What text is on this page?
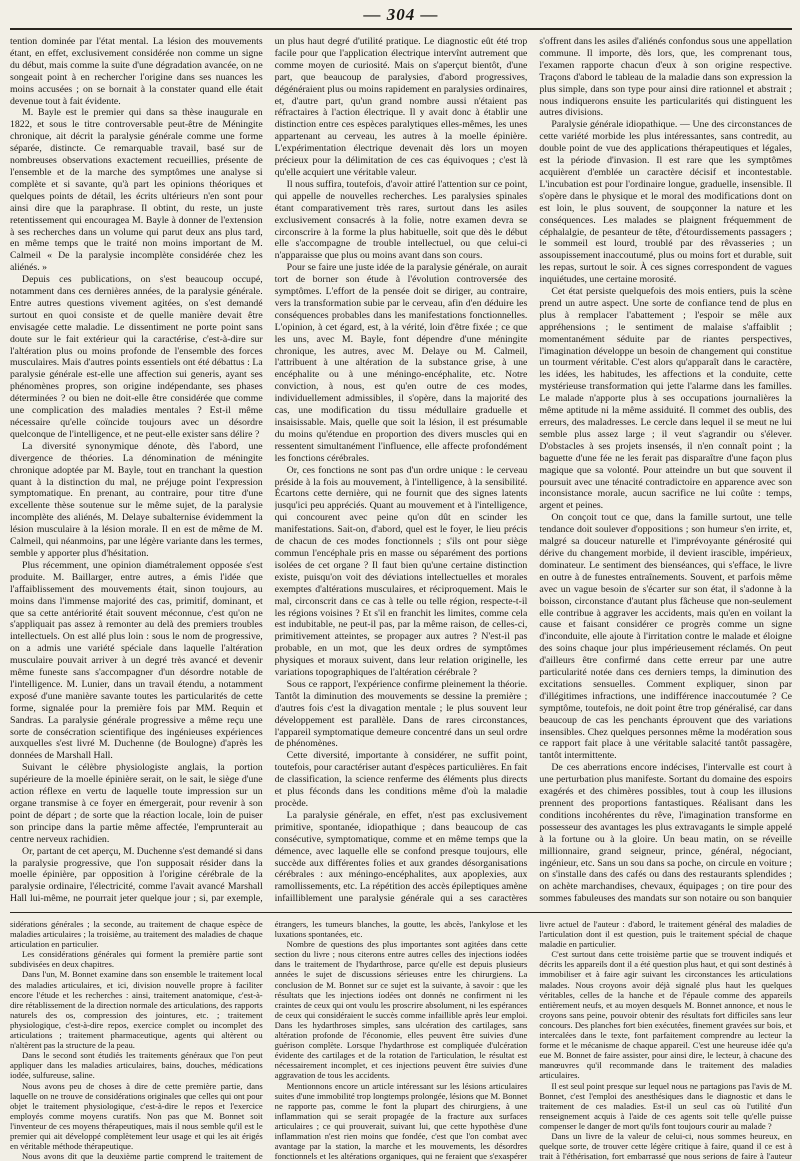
— 304 —

tention dominée par l'état mental. La lésion des mouvements étant, en effet, exclusivement considérée non comme un signe du début, mais comme la suite d'une dégradation avancée, on ne songeait point à en rechercher l'origine dans ses nuances les moins accusées ; on se bornait à la constater quand elle était devenue tout à fait évidente.

M. Bayle est le premier qui dans sa thèse inaugurale en 1822, et sous le titre controversable peut-être de Méningite chronique, ait décrit la paralysie générale comme une forme séparée, distincte. Ce remarquable travail, basé sur de nombreuses observations exactement recueillies, présente de l'ensemble et de la marche des symptômes une analyse si complète et si savante, qu'à part les opinions théoriques et quelques points de détail, les écrits ultérieurs n'en sont pour ainsi dire que la paraphrase. Il obtint, du reste, un juste retentissement qui encouragea M. Bayle à donner de l'extension à ses recherches dans un volume qui parut deux ans plus tard, en même temps que le traité non moins important de M. Calmeil « De la paralysie incomplète considérée chez les aliénés. »

Depuis ces publications, on s'est beaucoup occupé, notamment dans ces dernières années, de la paralysie générale. Entre autres questions vivement agitées, on s'est demandé surtout en quoi consiste et de quelle manière devait être envisagée cette maladie. Le dissentiment ne porte point sans doute sur le fait extérieur qui la caractérise, c'est-à-dire sur l'altération plus ou moins profonde de l'ensemble des forces musculaires. Mais d'autres points essentiels ont été débattus : La paralysie générale est-elle une affection sui generis, ayant ses phénomènes propres, son origine indépendante, ses phases déterminées ? ou bien ne doit-elle être considérée que comme une complication des maladies mentales ? Est-il même nécessaire qu'elle coïncide toujours avec un désordre quelconque de l'intelligence, et ne peut-elle exister sans délire ?

La diversité synonymique dénote, dès l'abord, une divergence de théories. La dénomination de méningite chronique adoptée par M. Bayle, tout en tranchant la question quant à la distinction du mal, ne préjuge point l'expression symptomatique. En prenant, au contraire, pour titre d'une excellente thèse soutenue sur le même sujet, de la paralysie incomplète des aliénés, M. Delaye subalternise évidemment la lésion musculaire à la lésion morale. Il en est de même de M. Calmeil, qui néanmoins, par une légère variante dans les termes, semble y apporter plus d'hésitation.

Plus récemment, une opinion diamétralement opposée s'est produite. M. Baillarger, entre autres, a émis l'idée que l'affaiblissement des mouvements était, sinon toujours, au moins dans l'immense majorité des cas, primitif, dominant, et que sa cette antériorité était souvent méconnue, c'est qu'on ne s'appliquait pas assez à remonter au delà des premiers troubles intellectuels. On est allé plus loin : sous le nom de progressive, on a admis une variété spéciale dans laquelle l'altération musculaire pouvait arriver à un degré très avancé et devenir même funeste sans s'accompagner d'un désordre notable de l'intelligence. M. Lunier, dans un travail étendu, a notamment exposé d'une manière savante toutes les particularités de cette forme, signalée pour la première fois par MM. Requin et Sandras. La paralysie générale progressive a même reçu une sorte de consécration scientifique des ingénieuses expériences auxquelles s'est livré M. Duchenne (de Boulogne) d'après les données de Marshall Hall.

Suivant le célèbre physiologiste anglais, la portion supérieure de la moelle épinière serait, on le sait, le siège d'une action réflexe en vertu de laquelle toute impression sur un organe transmise à ce foyer en émergerait, pour revenir à son point de départ ; de sorte que la réaction locale, loin de puiser son principe dans la partie même affectée, l'emprunterait au centre nerveux rachidien.

Or, partant de cet aperçu, M. Duchenne s'est demandé si dans la paralysie progressive, que l'on supposait résider dans la moelle épinière, par opposition à l'origine cérébrale de la paralysie ordinaire, l'électricité, comme l'avait avancé Marshall Hall lui-même, ne pourrait jeter quelque jour ; si, par exemple,

un plus haut degré d'utilité pratique. Le diagnostic eût été trop facile pour que l'application électrique intervînt autrement que comme moyen de curiosité. Mais on s'aperçut bientôt, d'une part, que beaucoup de paralysies, d'abord progressives, dégénéraient plus ou moins rapidement en paralysies ordinaires, et, d'autre part, qu'un grand nombre aussi n'étaient pas réfractaires à l'action électrique. Il y avait donc à établir une distinction entre ces espèces paralytiques elles-mêmes, les unes appartenant au cerveau, les autres à la moelle épinière. L'expérimentation électrique devenait dès lors un moyen précieux pour la délimitation de ces cas équivoques ; c'est là qu'elle acquiert une véritable valeur.

Il nous suffira, toutefois, d'avoir attiré l'attention sur ce point, qui appelle de nouvelles recherches. Les paralysies spinales étant comparativement très rares, surtout dans les asiles exclusivement consacrés à la folie, notre examen devra se circonscrire à la forme la plus habituelle, soit que dès le début elle s'accompagne de trouble intellectuel, ou que celui-ci n'apparaisse que plus ou moins avant dans son cours.

Pour se faire une juste idée de la paralysie générale, on aurait tort de borner son étude à l'évolution controversée des symptômes. L'effort de la pensée doit se diriger, au contraire, vers la transformation subie par le cerveau, afin d'en déduire les conséquences probables dans les manifestations fonctionnelles. L'opinion, à cet égard, est, à la vérité, loin d'être fixée ; ce que les uns, avec M. Bayle, font dépendre d'une méningite chronique, les autres, avec M. Delaye ou M. Calmeil, l'attribuent à une altération de la substance grise, à une encéphalite ou à une méningo-encéphalite, etc. Notre conviction, à nous, est qu'en outre de ces modes, individuellement admissibles, il s'opère, dans la majorité des cas, une modification du tissu médullaire graduelle et insaisissable. Mais, quelle que soit la lésion, il est présumable du moins qu'étendue en proportion des divers muscles qui en ressentent simultanément l'influence, elle affecte profondément les fonctions cérébrales.

Or, ces fonctions ne sont pas d'un ordre unique : le cerveau préside à la fois au mouvement, à l'intelligence, à la sensibilité. Écartons cette dernière, qui ne fournit que des signes latents jusqu'ici peu appréciés. Quant au mouvement et à l'intelligence, qui concourent avec peine qu'on dût en scinder les manifestations. Sait-on, d'abord, quel est le foyer, le lieu précis de chacun de ces modes fonctionnels ; s'ils ont pour siège commun l'encéphale pris en masse ou séparément des portions isolées de cet organe ? Il faut bien qu'une certaine distinction existe, puisqu'on voit des déviations intellectuelles et morales exemptes d'altérations musculaires, et réciproquement. Mais le mal, circonscrit dans ce cas à telle ou telle région, respecte-t-il les régions voisines ? Et s'il en franchit les limites, comme cela est indubitable, ne peut-il pas, par la même raison, de celles-ci, primitivement atteintes, se propager aux autres ? N'est-il pas probable, en un mot, que les deux ordres de symptômes physiques et moraux suivent, dans leur relation originelle, les variations topographiques de l'altération cérébrale ?

Sous ce rapport, l'expérience confirme pleinement la théorie. Tantôt la diminution des mouvements se dessine la première ; d'autres fois c'est la divagation mentale ; le plus souvent leur développement est parallèle. Dans de rares circonstances, l'appareil symptomatique demeure concentré dans un seul ordre de phénomènes.

Cette diversité, importante à considérer, ne suffit point, toutefois, pour caractériser autant d'espèces particulières. En fait de classification, la science renferme des éléments plus directs et plus féconds dans les conditions même d'où la maladie procède.

La paralysie générale, en effet, n'est pas exclusivement primitive, spontanée, idiopathique ; dans beaucoup de cas consécutive, symptomatique, comme et en même temps que la démence, avec laquelle elle se confond presque toujours, elle succède aux différentes folies et aux grandes désorganisations cérébrales : aux méningo-encéphalites, aux apoplexies, aux ramollissements, etc. La répétition des accès épileptiques amène infailliblement une paralysie générale qui a ses caractères

s'offrent dans les asiles d'aliénés confondus sous une appellation commune. Il importe, dès lors, que, les comprenant tous, l'examen rapporte chacun d'eux à son origine respective. Traçons d'abord le tableau de la maladie dans son expression la plus simple, dans son type pour ainsi dire rationnel et abstrait ; nous indiquerons ensuite les particularités qui distinguent les autres divisions.

Paralysie générale idiopathique. — Une des circonstances de cette variété morbide les plus intéressantes, sans contredit, au double point de vue des applications thérapeutiques et légales, est la période d'invasion. Il est rare que les symptômes acquièrent d'emblée un caractère décisif et incontestable. L'incubation est pour l'ordinaire longue, graduelle, insensible. Il s'opère dans le physique et le moral des modifications dont on est loin, le plus souvent, de soupçonner la nature et les conséquences. Les malades se plaignent fréquemment de céphalalgie, de pesanteur de tête, d'étourdissements passagers ; le sommeil est lourd, troublé par des rêvasseries ; un assoupissement inaccoutumé, plus ou moins fort et durable, suit les repas, surtout le soir. À ces signes correspondent de vagues inquiétudes, une certaine morosité.

Cet état persiste quelquefois des mois entiers, puis la scène prend un autre aspect. Une sorte de confiance tend de plus en plus à remplacer l'abattement ; l'espoir se mêle aux appréhensions ; le sentiment de malaise s'affaiblit ; momentanément séduite par de riantes perspectives, l'imagination développe un besoin de changement qui constitue un tourment véritable. C'est alors qu'apparaît dans le caractère, les idées, les habitudes, les affections et la conduite, cette mystérieuse transformation qui jette l'alarme dans les familles. Le malade n'apporte plus à ses occupations journalières la même aptitude ni la même assiduité. Il commet des oublis, des erreurs, des maladresses. Le cercle dans lequel il se meut ne lui semble plus assez large ; il veut s'agrandir ou s'élever. D'obstacles à ses projets insensés, il n'en connaît point ; la baguette d'une fée ne les ferait pas disparaître d'une façon plus magique que sa volonté. Pour atteindre un but que souvent il poursuit avec une ténacité contradictoire en apparence avec son inconsistance morale, aucun sacrifice ne lui coûte : temps, argent et peines.

On conçoit tout ce que, dans la famille surtout, une telle tendance doit soulever d'oppositions ; son humeur s'en irrite, et, malgré sa douceur naturelle et l'imprévoyante générosité qui dérive du changement morbide, il devient irascible, impérieux, dominateur. Le sentiment des bienséances, qui s'efface, le livre en outre à de funestes entraînements. Souvent, et parfois même avec un vague besoin de s'écarter sur son état, il s'adonne à la boisson, circonstance d'autant plus fâcheuse que non-seulement elle contribue à aggraver les accidents, mais qu'en en voilant la cause et faisant considérer ce progrès comme un signe d'inconduite, elle ajoute à l'irritation contre le malade et éloigne des soins chaque jour plus impérieusement réclamés. On peut d'ailleurs être confirmé dans cette erreur par une autre particularité notée dans ces derniers temps, la diminution des excitations sensuelles. Comment expliquer, sinon par d'illégitimes infractions, une indifférence inaccoutumée ? Ce symptôme, toutefois, ne doit point être trop généralisé, car dans beaucoup de cas les penchants éprouvent que des variations insensibles. Chez quelques personnes même la modération sous ce rapport fait place à une véritable salacité tantôt passagère, tantôt intermittente.

De ces aberrations encore indécises, l'intervalle est court à une perturbation plus manifeste. Sortant du domaine des espoirs exagérés et des chimères possibles, tout à coup les illusions prennent des proportions fantastiques. Réalisant dans les conditions incohérentes du rêve, l'imagination transforme en possesseur des avantages les plus extravagants le simple appelé à la fortune ou à la gloire. Un beau matin, on se réveille millionnaire, grand seigneur, prince, général, négociant, ingénieur, etc. Sans un sou dans sa poche, on circule en voiture ; on s'installe dans des cafés ou dans des restaurants splendides ; on achète marchandises, chevaux, équipages ; on tire pour des sommes fabuleuses des mandats sur son notaire ou son banquier

sidérations générales ; la seconde, au traitement de chaque espèce de maladies articulaires ; la troisième, au traitement des maladies de chaque articulation en particulier.

Les considérations générales qui forment la première partie sont subdivisées en deux chapitres.

Dans l'un, M. Bonnet examine dans son ensemble le traitement local des maladies articulaires, et ici, division nouvelle propre à faciliter encore l'étude et les recherches : ainsi, traitement anatomique, c'est-à-dire rétablissement de la direction normale des articulations, des rapports naturels des os, compression des jointures, etc. ; traitement physiologique, c'est-à-dire repos, exercice complet ou incomplet des articulations ; traitement pharmaceutique, agents qui altèrent ou n'altèrent pas la structure de la peau.

Dans le second sont étudiés les traitements généraux que l'on peut appliquer dans les maladies articulaires, bains, douches, médications iodée, sulfureuse, saline.

Nous avons peu de choses à dire de cette première partie, dans laquelle on ne trouve de considérations originales que celles qui ont pour objet le traitement physiologique, c'est-à-dire le repos et l'exercice employés comme moyens curatifs. Non pas que M. Bonnet soit l'inventeur de ces moyens thérapeutiques, mais il nous semble qu'il est le premier qui ait développé complètement leur usage et qui les ait érigés en véritable méthode thérapeutique.

Nous avons dit que la deuxième partie comprend le traitement de

étrangers, les tumeurs blanches, la goutte, les abcès, l'ankylose et les luxations spontanées, etc.

Nombre de questions des plus importantes sont agitées dans cette section du livre ; nous citerons entre autres celles des injections iodées dans le traitement de l'hydarthrose, parce qu'elle est depuis plusieurs années le sujet de discussions sérieuses entre les chirurgiens. La conclusion de M. Bonnet sur ce sujet est la suivante, à savoir : que les résultats que les injections iodées ont donnés ne confirment ni les craintes de ceux qui ont voulu les proscrire absolument, ni les espérances de ceux qui considéraient le succès comme infaillible après leur emploi. Dans les hydarthroses simples, sans ulcération des cartilages, sans altération profonde de l'économie, elles peuvent être suivies d'une guérison complète. Lorsque l'hydarthrose est compliquée d'ulcération évidente des cartilages et de la rotation de l'articulation, le résultat est nécessairement incomplet, et ces injections peuvent être suivies d'une aggravation de tous les accidents.

Mentionnons encore un article intéressant sur les lésions articulaires suites d'une immobilité trop longtemps prolongée, lésions que M. Bonnet ne rapporte pas, comme le font la plupart des chirurgiens, à une inflammation qui se serait propagée de la fracture aux surfaces articulaires ; ce qui prouverait, suivant lui, que cette hypothèse d'une inflammation n'est rien moins que fondée, c'est que l'on combat avec avantage par la station, la marche et les mouvements, les désordres fonctionnels et les altérations organiques, qui ne feraient que s'exaspérer

livre actuel de l'auteur : d'abord, le traitement général des maladies de l'articulation dont il est question, puis le traitement spécial de chaque maladie en particulier.

C'est surtout dans cette troisième partie que se trouvent indiqués et décrits les appareils dont il a été question plus haut, et qui sont destinés à immobiliser et à faire agir suivant les circonstances les articulations malades. Nous croyons avoir déjà signalé plus haut les quelques véritables, celles de la hanche et de l'épaule comme des appareils entièrement neufs, et au moyen desquels M. Bonnet annonce, et nous le croyons sans peine, pouvoir obtenir des résultats fort difficiles sans leur concours. Des planches fort bien exécutées, finement gravées sur bois, et intercalées dans le texte, font parfaitement comprendre au lecteur la forme et le mécanisme de chaque appareil. C'est une heureuse idée qu'a eue M. Bonnet de faire assister, pour ainsi dire, le lecteur, à chacune des manœuvres qu'il recommande dans le traitement des maladies articulaires.

Il est seul point presque sur lequel nous ne partagions pas l'avis de M. Bonnet, c'est l'emploi des anesthésiques dans le diagnostic et dans le traitement de ces maladies. Est-il un seul cas où l'utilité d'un renseignement acquis à l'aide de ces agents soit telle qu'elle puisse compenser le danger de mort qu'ils font toujours courir au malade ?

Dans un livre de la valeur de celui-ci, nous sommes heureux, en quelque sorte, de trouver cette légère critique à faire, quand il ce est à trait à l'éthérisation, fort embarrassé que nous serions de faire à l'auteur
